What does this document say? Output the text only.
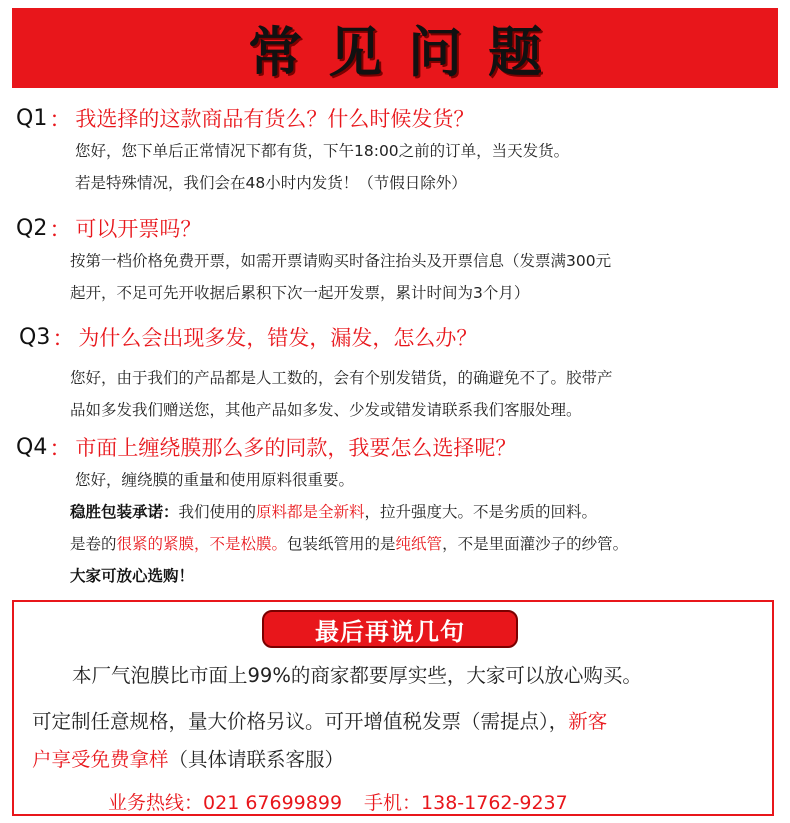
常见问题
Q1 ： 我选择的这款商品有货么？什么时候发货？
您好，您下单后正常情况下都有货，下午18:00之前的订单，当天发货。
若是特殊情况，我们会在48小时内发货！（节假日除外）
Q2 ： 可以开票吗？
按第一档价格免费开票，如需开票请购买时备注抬头及开票信息（发票满300元
起开，不足可先开收据后累积下次一起开发票，累计时间为3个月）
Q3 ： 为什么会出现多发，错发，漏发，怎么办？
您好，由于我们的产品都是人工数的，会有个别发错货，的确避免不了。胶带产
品如多发我们赠送您，其他产品如多发、少发或错发请联系我们客服处理。
Q4 ： 市面上缠绕膜那么多的同款，我要怎么选择呢？
您好，缠绕膜的重量和使用原料很重要。
稳胜包装承诺：我们使用的原料都是全新料，拉升强度大。不是劣质的回料。
是卷的很紧的紧膜，不是松膜。包装纸管用的是纯纸管，不是里面灌沙子的纱管。
大家可放心选购！
最后再说几句
本厂气泡膜比市面上99%的商家都要厚实些，大家可以放心购买。
可定制任意规格，量大价格另议。可开增值税发票（需提点），新客
户享受免费拿样（具体请联系客服）
业务热线：021 67699899 手机：138-1762-9237
